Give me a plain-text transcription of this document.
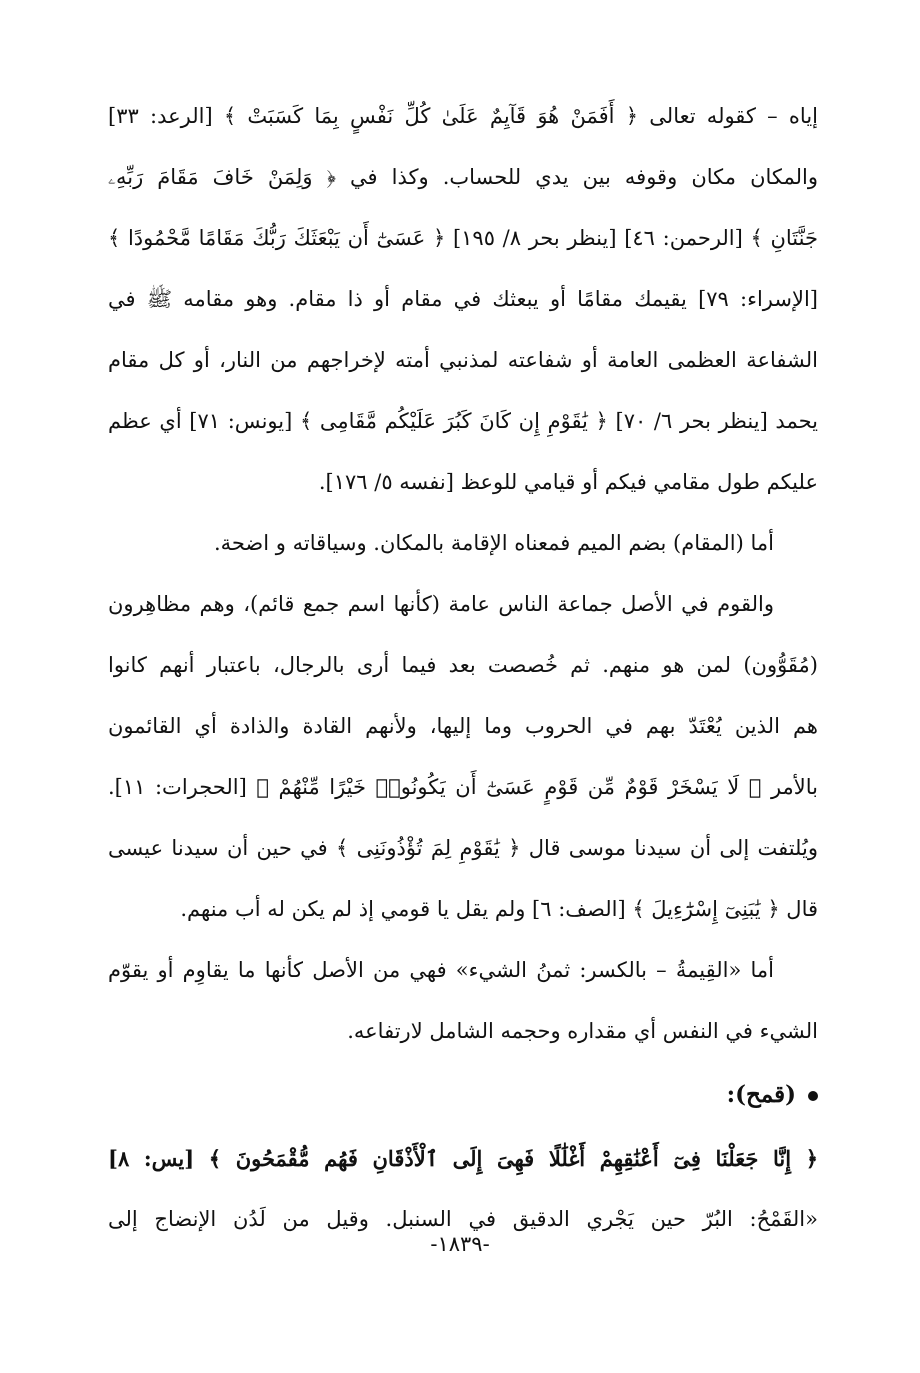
إياه – كقوله تعالى ﴿ أَفَمَنْ هُوَ قَآيِمٌ عَلَىٰ كُلِّ نَفْسٍ بِمَا كَسَبَتْ ﴾ [الرعد: ٣٣]
والمكان مكان وقوفه بين يدي للحساب. وكذا في ﴿ وَلِمَنْ خَافَ مَقَامَ رَبِّهِۦ
جَنَّتَانِ ﴾ [الرحمن: ٤٦] [ينظر بحر ٨/ ١٩٥] ﴿ عَسَىٰٓ أَن يَبْعَثَكَ رَبُّكَ مَقَامًا مَّحْمُودًا ﴾
[الإسراء: ٧٩] يقيمك مقامًا أو يبعثك في مقام أو ذا مقام. وهو مقامه ﷺ في
الشفاعة العظمى العامة أو شفاعته لمذنبي أمته لإخراجهم من النار، أو كل مقام
يحمد [ينظر بحر ٦/ ٧٠] ﴿ يَٰقَوْمِ إِن كَانَ كَبُرَ عَلَيْكُم مَّقَامِى ﴾ [يونس: ٧١] أي عظم
عليكم طول مقامي فيكم أو قيامي للوعظ [نفسه ٥/ ١٧٦].
أما (المقام) بضم الميم فمعناه الإقامة بالمكان. وسياقاته و اضحة.
والقوم في الأصل جماعة الناس عامة (كأنها اسم جمع قائم)، وهم مظاهِرون
(مُقَوُّون) لمن هو منهم. ثم خُصصت بعد فيما أرى بالرجال، باعتبار أنهم كانوا
هم الذين يُعْتَدّ بهم في الحروب وما إليها، ولأنهم القادة والذادة أي القائمون
بالأمر ﴿ لَا يَسْخَرْ قَوْمٌ مِّن قَوْمٍ عَسَىٰٓ أَن يَكُونُوا۟ خَيْرًا مِّنْهُمْ ﴾ [الحجرات: ١١].
ويُلتفت إلى أن سيدنا موسى قال ﴿ يَٰقَوْمِ لِمَ تُؤْذُونَنِى ﴾ في حين أن سيدنا عيسى
قال ﴿ يَٰبَنِىٓ إِسْرَٰٓءِيلَ ﴾ [الصف: ٦] ولم يقل يا قومي إذ لم يكن له أب منهم.
أما «القِيمةُ – بالكسر: ثمنُ الشيء» فهي من الأصل كأنها ما يقاوِم أو يقوّم
الشيء في النفس أي مقداره وحجمه الشامل لارتفاعه.
(قمح):
﴿ إِنَّا جَعَلْنَا فِىٓ أَعْنَٰقِهِمْ أَغْلَٰلًا فَهِىَ إِلَى ٱلْأَذْقَانِ فَهُم مُّقْمَحُونَ ﴾ [يس: ٨]
«القَمْحُ: البُرّ حين يَجْري الدقيق في السنبل. وقيل من لَدُن الإنضاج إلى
-١٨٣٩-
